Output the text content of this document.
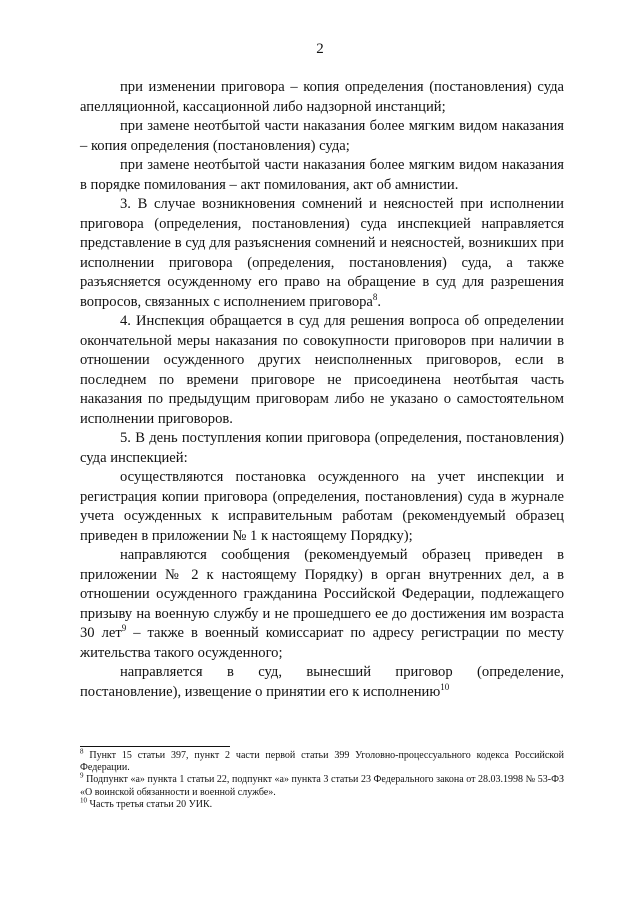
2

при изменении приговора – копия определения (постановления) суда апелляционной, кассационной либо надзорной инстанций;

при замене неотбытой части наказания более мягким видом наказания – копия определения (постановления) суда;

при замене неотбытой части наказания более мягким видом наказания в порядке помилования – акт помилования, акт об амнистии.

3. В случае возникновения сомнений и неясностей при исполнении приговора (определения, постановления) суда инспекцией направляется представление в суд для разъяснения сомнений и неясностей, возникших при исполнении приговора (определения, постановления) суда, а также разъясняется осужденному его право на обращение в суд для разрешения вопросов, связанных с исполнением приговора$^8$.

4. Инспекция обращается в суд для решения вопроса об определении окончательной меры наказания по совокупности приговоров при наличии в отношении осужденного других неисполненных приговоров, если в последнем по времени приговоре не присоединена неотбытая часть наказания по предыдущим приговорам либо не указано о самостоятельном исполнении приговоров.

5. В день поступления копии приговора (определения, постановления) суда инспекцией:

осуществляются постановка осужденного на учет инспекции и регистрация копии приговора (определения, постановления) суда в журнале учета осужденных к исправительным работам (рекомендуемый образец приведен в приложении № 1 к настоящему Порядку);

направляются сообщения (рекомендуемый образец приведен в приложении № 2 к настоящему Порядку) в орган внутренних дел, а в отношении осужденного гражданина Российской Федерации, подлежащего призыву на военную службу и не прошедшего ее до достижения им возраста 30 лет$^9$ – также в военный комиссариат по адресу регистрации по месту жительства такого осужденного;

направляется в суд, вынесший приговор (определение, постановление), извещение о принятии его к исполнению$^{10}$

$^8$ Пункт 15 статьи 397, пункт 2 части первой статьи 399 Уголовно-процессуального кодекса Российской Федерации.

$^9$ Подпункт «а» пункта 1 статьи 22, подпункт «а» пункта 3 статьи 23 Федерального закона от 28.03.1998 № 53-ФЗ «О воинской обязанности и военной службе».

$^{10}$ Часть третья статьи 20 УИК.
